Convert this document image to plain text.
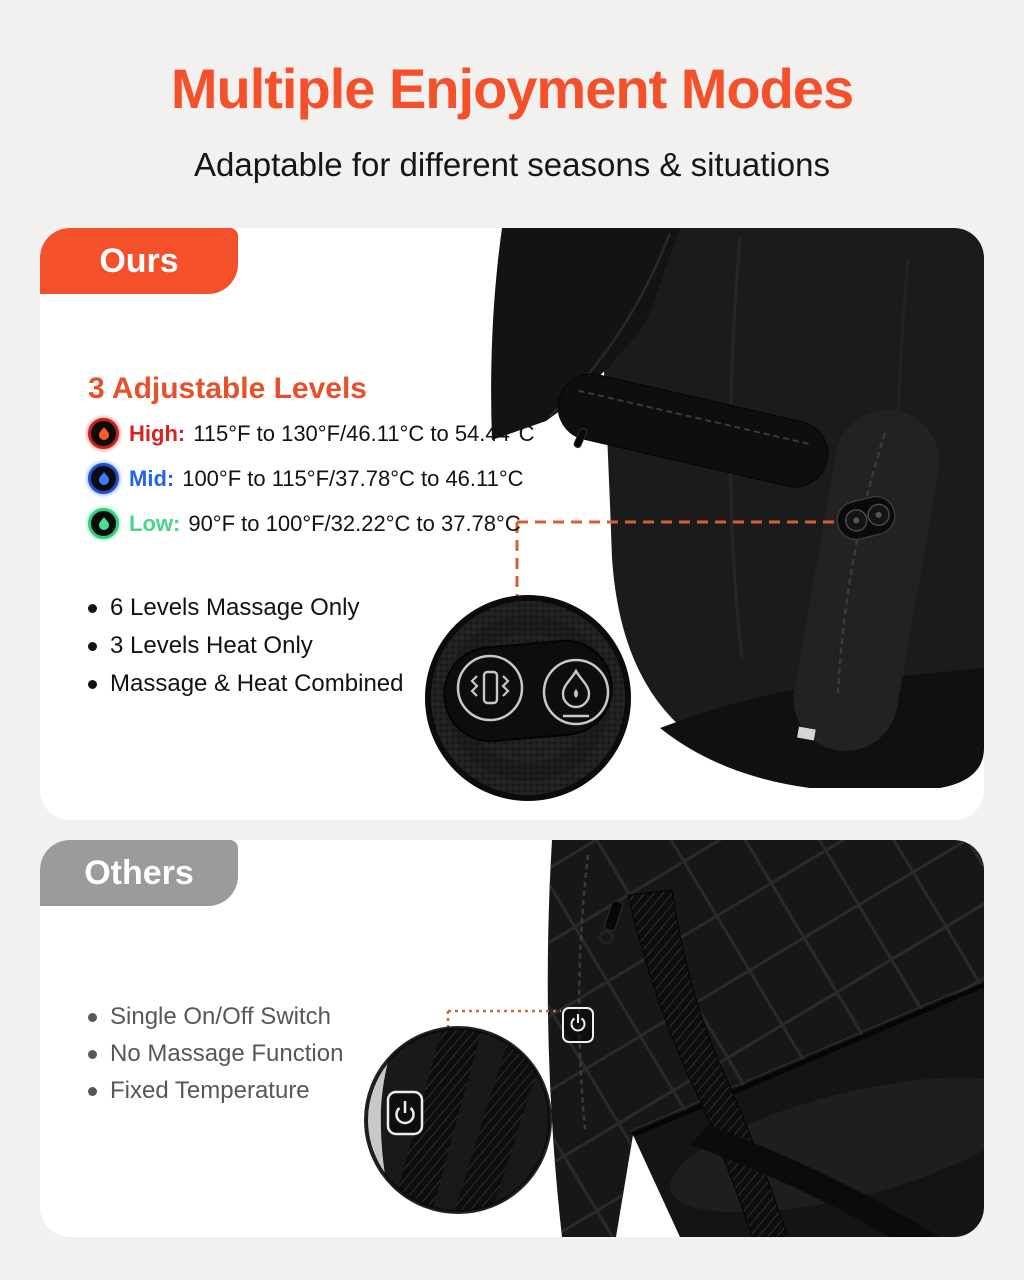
Multiple Enjoyment Modes
Adaptable for different seasons & situations
Ours
3 Adjustable Levels
High: 115°F to 130°F/46.11°C to 54.44°C
Mid: 100°F to 115°F/37.78°C to 46.11°C
Low: 90°F to 100°F/32.22°C to 37.78°C
6 Levels Massage Only
3 Levels Heat Only
Massage & Heat Combined
Others
Single On/Off Switch
No Massage Function
Fixed Temperature
